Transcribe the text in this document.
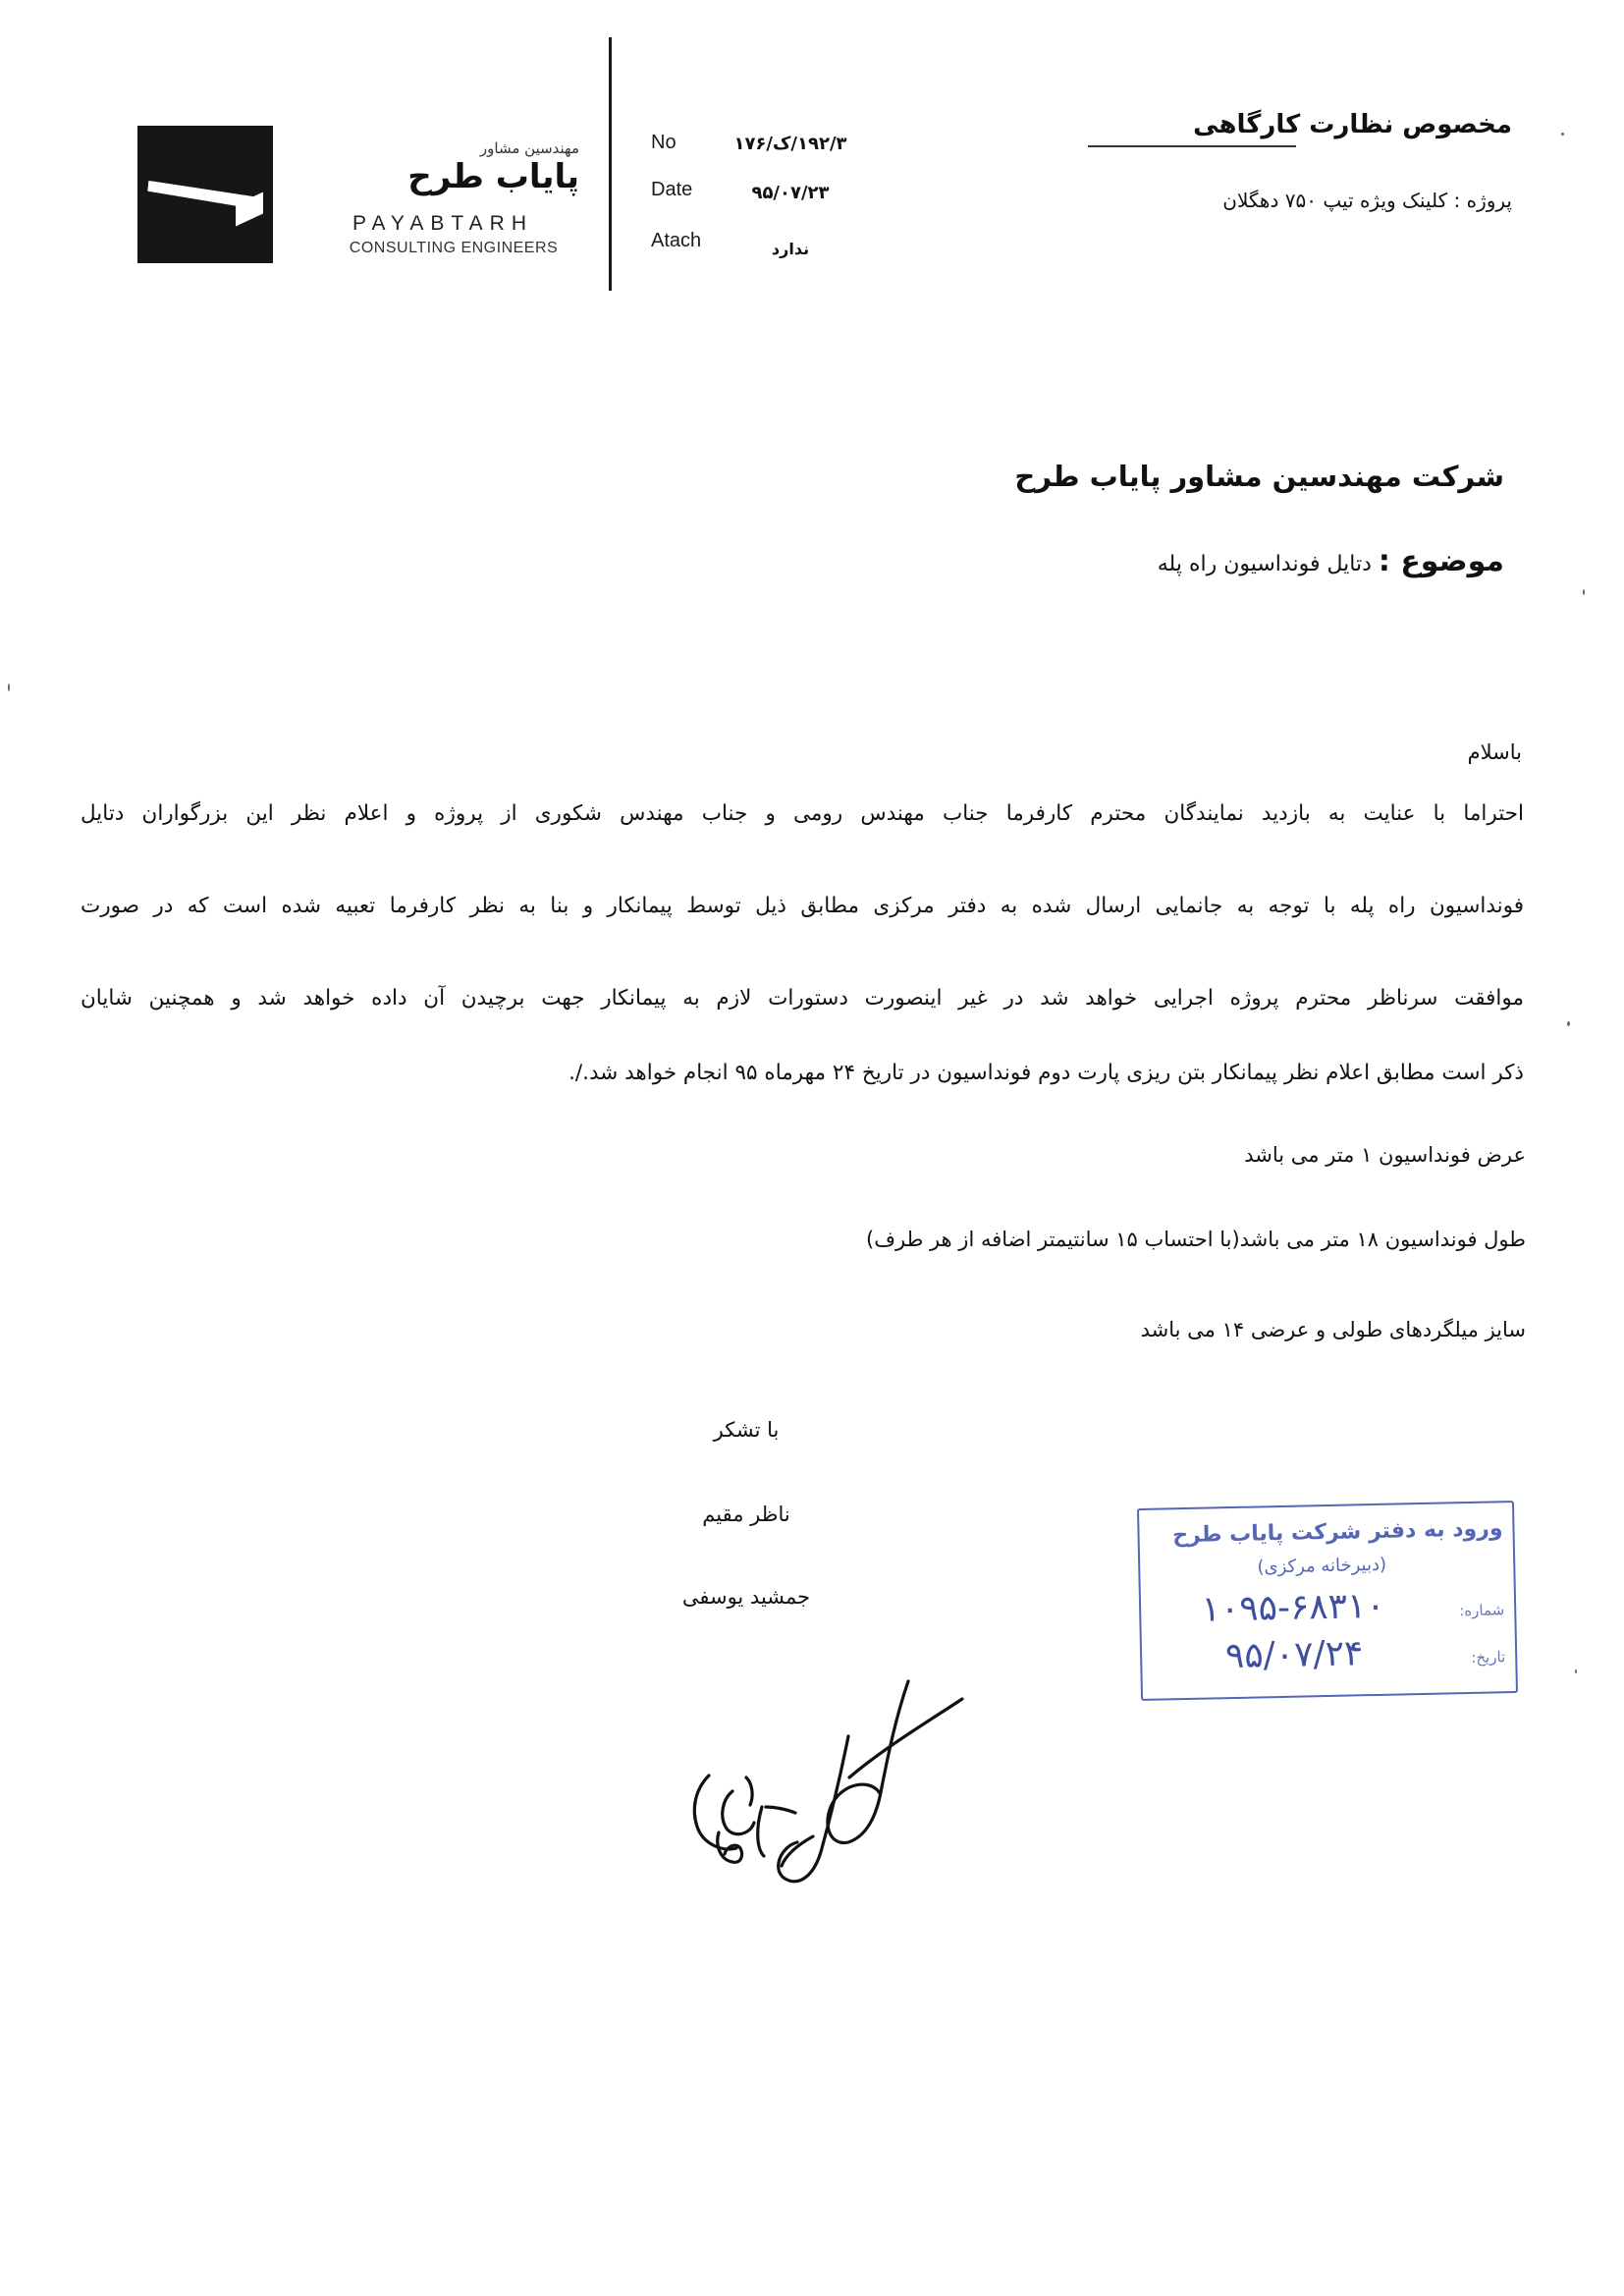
مهندسین مشاور
پایاب طرح
PAYABTARH
CONSULTING ENGINEERS
No	۱۹۲/۳/ک/۱۷۶
Date	۹۵/۰۷/۲۳
Atach	ندارد
مخصوص نظارت کارگاهی
پروژه : کلینک ویژه تیپ ۷۵۰ دهگلان
شرکت مهندسین مشاور پایاب طرح
موضوع : دتایل فونداسیون راه پله
باسلام
احتراما با عنایت به بازدید نمایندگان محترم کارفرما جناب مهندس رومی و جناب مهندس شکوری از پروژه و اعلام نظر این بزرگواران دتایل
فونداسیون راه پله با توجه به جانمایی ارسال شده به دفتر مرکزی مطابق ذیل توسط پیمانکار و بنا به نظر کارفرما تعبیه شده است که در صورت
موافقت سرناظر محترم پروژه اجرایی خواهد شد در غیر اینصورت دستورات لازم به پیمانکار جهت برچیدن آن داده خواهد شد و همچنین شایان
ذکر است مطابق اعلام نظر پیمانکار بتن ریزی پارت دوم فونداسیون در تاریخ ۲۴ مهرماه ۹۵ انجام خواهد شد./.
عرض فونداسیون ۱ متر می باشد
طول فونداسیون ۱۸ متر می باشد(با احتساب ۱۵ سانتیمتر اضافه از هر طرف)
سایز میلگردهای طولی و عرضی ۱۴ می باشد
با تشکر
ناظر مقیم
جمشید یوسفی
ورود به دفتر شرکت پایاب طرح
(دبیرخانه مرکزی)
شماره:
۱۰۹۵-۶۸۳۱۰
تاریخ:
۹۵/۰۷/۲۴
